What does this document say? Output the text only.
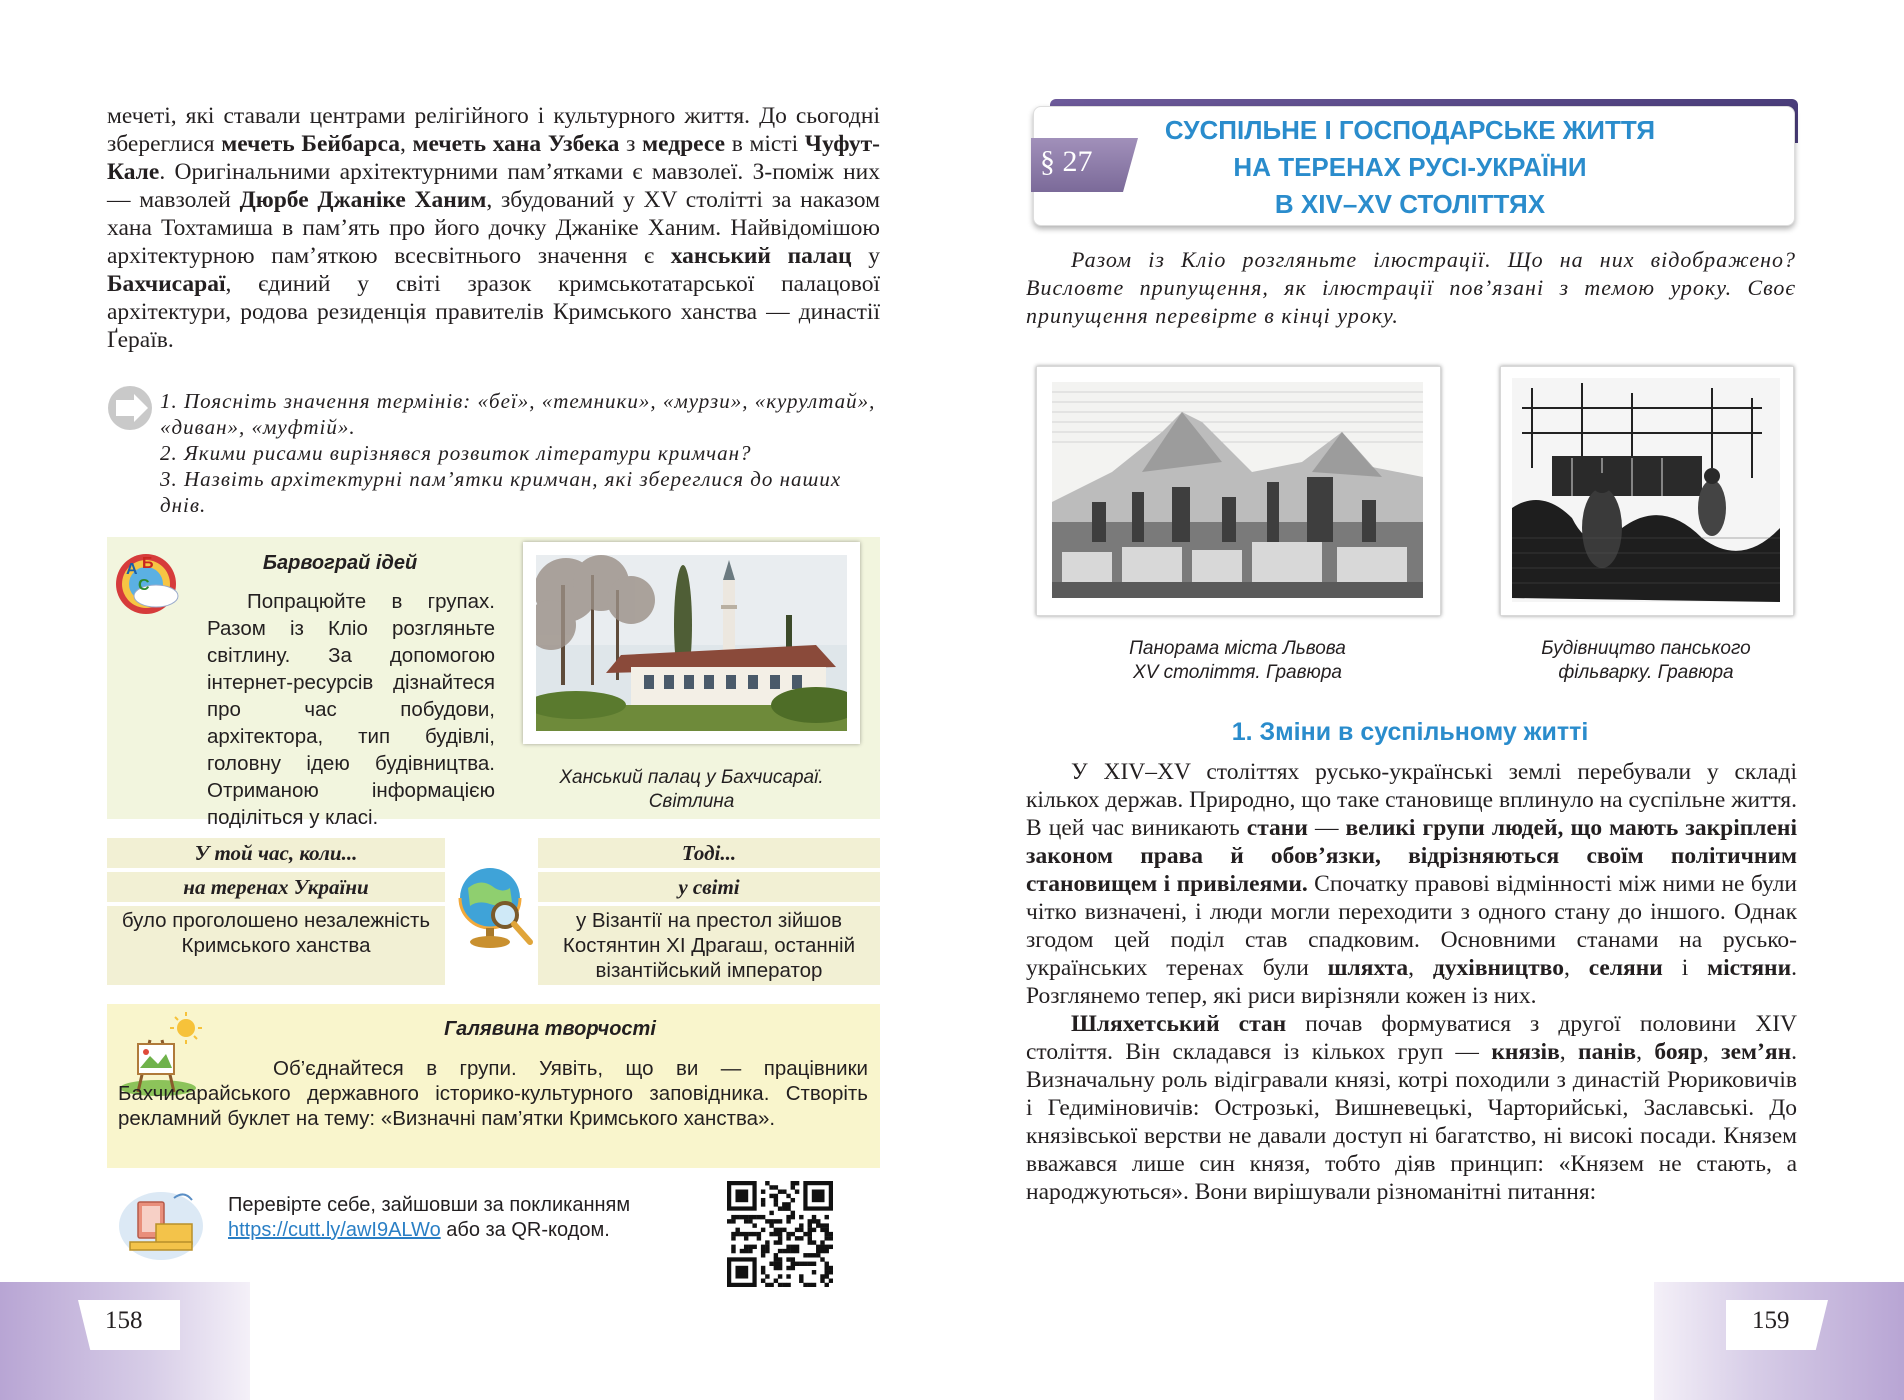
мечеті, які ставали центрами релігійного і культурного життя. До сьогодні збереглися мечеть Бейбарса, мечеть хана Узбека з медресе в місті Чуфут-Кале. Оригінальними архітектурними пам’ятками є мавзолеї. З-поміж них — мавзолей Дюрбе Джаніке Ханим, збудований у XV столітті за наказом хана Тохтамиша в пам’ять про його дочку Джаніке Ханим. Найвідомішою архітектурною пам’яткою всесвітнього значення є ханський палац у Бахчисараї, єдиний у світі зразок кримськотатарської палацової архітектури, родова резиденція правителів Кримського ханства — династії Ґераїв.
1. Поясніть значення термінів: «беї», «темники», «мурзи», «курултай», «диван», «муфтій».
2. Якими рисами вирізнявся розвиток літератури кримчан?
3. Назвіть архітектурні пам’ятки кримчан, які збереглися до наших днів.
А Б
С
Барвограй ідей
Попрацюйте в групах. Разом із Кліо розгляньте світлину. За допомогою інтернет-ресурсів дізнайтеся про час побудови, архітектора, тип будівлі, головну ідею будівництва. Отриманою інформацією поділіться у класі.
Ханський палац у Бахчисараї.
Світлина
У той час, коли...
на теренах України
було проголошено незалежність Кримського ханства
Тоді...
у світі
у Візантії на престол зійшов Костянтин ХІ Драгаш, останній візантійський імператор
Галявина творчості
Об’єднайтеся в групи. Уявіть, що ви — працівники Бахчисарайського державного історико-культурного заповідника. Створіть рекламний буклет на тему: «Визначні пам’ятки Кримського ханства».
Перевірте себе, зайшовши за покликанням
https://cutt.ly/awI9ALWo або за QR-кодом.
158
§ 27
СУСПІЛЬНЕ І ГОСПОДАРСЬКЕ ЖИТТЯ
НА ТЕРЕНАХ РУСІ-УКРАЇНИ
В XIV–XV СТОЛІТТЯХ
Разом із Кліо розгляньте ілюстрації. Що на них відображено? Висловте припущення, як ілюстрації пов’язані з темою уроку. Своє припущення перевірте в кінці уроку.
Панорама міста Львова
XV століття. Гравюра
Будівництво панського
фільварку. Гравюра
1. Зміни в суспільному житті

У XIV–XV століттях русько-українські землі перебували у складі кількох держав. Природно, що таке становище вплинуло на суспільне життя. В цей час виникають стани — великі групи людей, що мають закріплені законом права й обов’язки, відрізняються своїм політичним становищем і привілеями. Спочатку правові відмінності між ними не були чітко визначені, і люди могли переходити з одного стану до іншого. Однак згодом цей поділ став спадковим. Основними станами на русько-українських теренах були шляхта, духівництво, селяни і містяни. Розглянемо тепер, які риси вирізняли кожен із них.

Шляхетський стан почав формуватися з другої половини XIV століття. Він складався із кількох груп — князів, панів, бояр, зем’ян. Визначальну роль відігравали князі, котрі походили з династій Рюриковичів і Гедиміновичів: Острозькі, Вишневецькі, Чарторийські, Заславські. До князівської верстви не давали доступ ні багатство, ні високі посади. Князем вважався лише син князя, тобто діяв принцип: «Князем не стають, а народжуються». Вони вирішували різноманітні питання:

159
